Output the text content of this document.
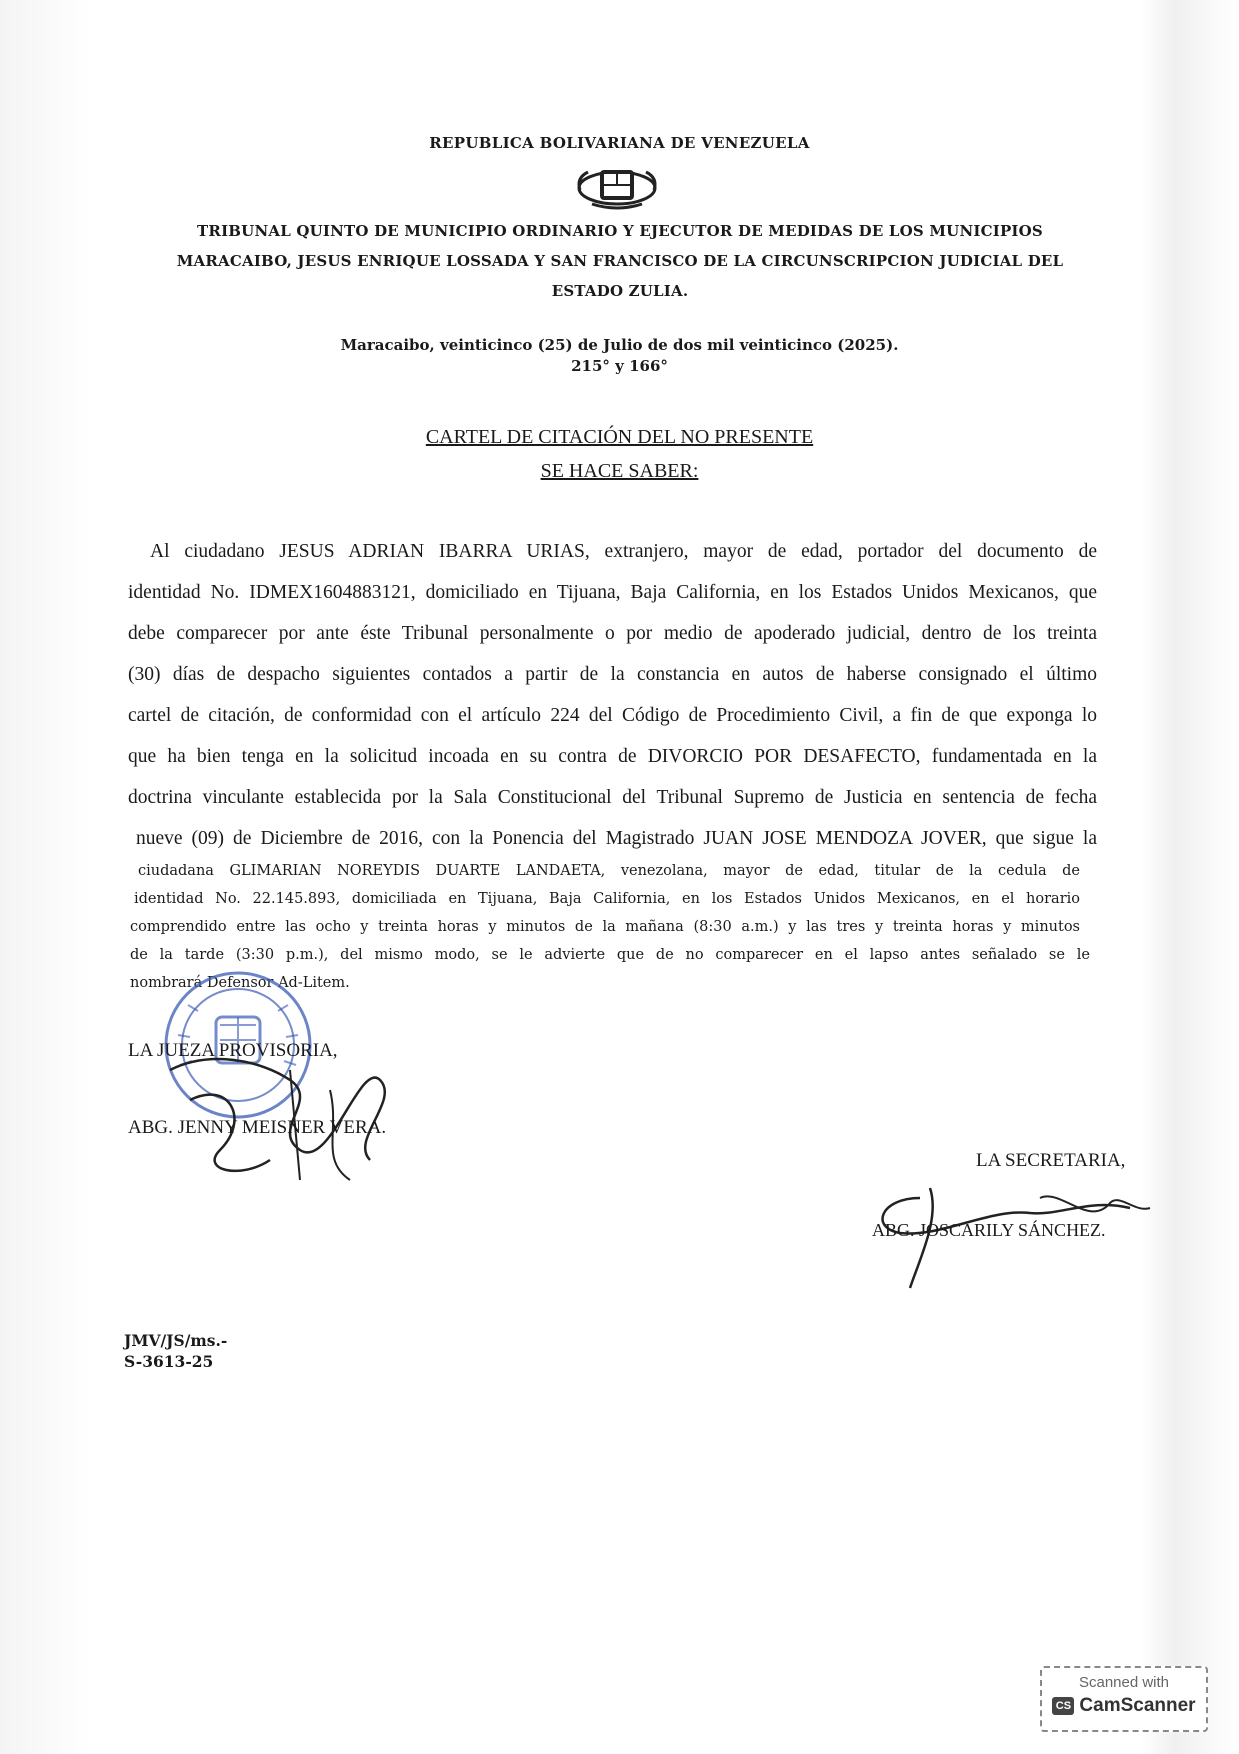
REPUBLICA BOLIVARIANA DE VENEZUELA
TRIBUNAL QUINTO DE MUNICIPIO ORDINARIO Y EJECUTOR DE MEDIDAS DE LOS MUNICIPIOS
MARACAIBO, JESUS ENRIQUE LOSSADA Y SAN FRANCISCO DE LA CIRCUNSCRIPCION JUDICIAL DEL
ESTADO ZULIA.
Maracaibo, veinticinco (25) de Julio de dos mil veinticinco (2025).
215° y 166°
CARTEL DE CITACIÓN DEL NO PRESENTE
SE HACE SABER:
Al ciudadano JESUS ADRIAN IBARRA URIAS, extranjero, mayor de edad, portador del documento de
identidad No. IDMEX1604883121, domiciliado en Tijuana, Baja California, en los Estados Unidos Mexicanos, que
debe comparecer por ante éste Tribunal personalmente o por medio de apoderado judicial, dentro de los treinta
(30) días de despacho siguientes contados a partir de la constancia en autos de haberse consignado el último
cartel de citación, de conformidad con el artículo 224 del Código de Procedimiento Civil, a fin de que exponga lo
que ha bien tenga en la solicitud incoada en su contra de DIVORCIO POR DESAFECTO, fundamentada en la
doctrina vinculante establecida por la Sala Constitucional del Tribunal Supremo de Justicia en sentencia de fecha
nueve (09) de Diciembre de 2016, con la Ponencia del Magistrado JUAN JOSE MENDOZA JOVER, que sigue la
ciudadana GLIMARIAN NOREYDIS DUARTE LANDAETA, venezolana, mayor de edad, titular de la cedula de
identidad No. 22.145.893, domiciliada en Tijuana, Baja California, en los Estados Unidos Mexicanos, en el horario
comprendido entre las ocho y treinta horas y minutos de la mañana (8:30 a.m.) y las tres y treinta horas y minutos
de la tarde (3:30 p.m.), del mismo modo, se le advierte que de no comparecer en el lapso antes señalado se le
nombrará Defensor Ad-Litem.
LA JUEZA PROVISORIA,
ABG. JENNY MEISNER VERA.
LA SECRETARIA,
ABG. JOSCARILY SÁNCHEZ.
JMV/JS/ms.-
S-3613-25
Scanned with
CS CamScanner
